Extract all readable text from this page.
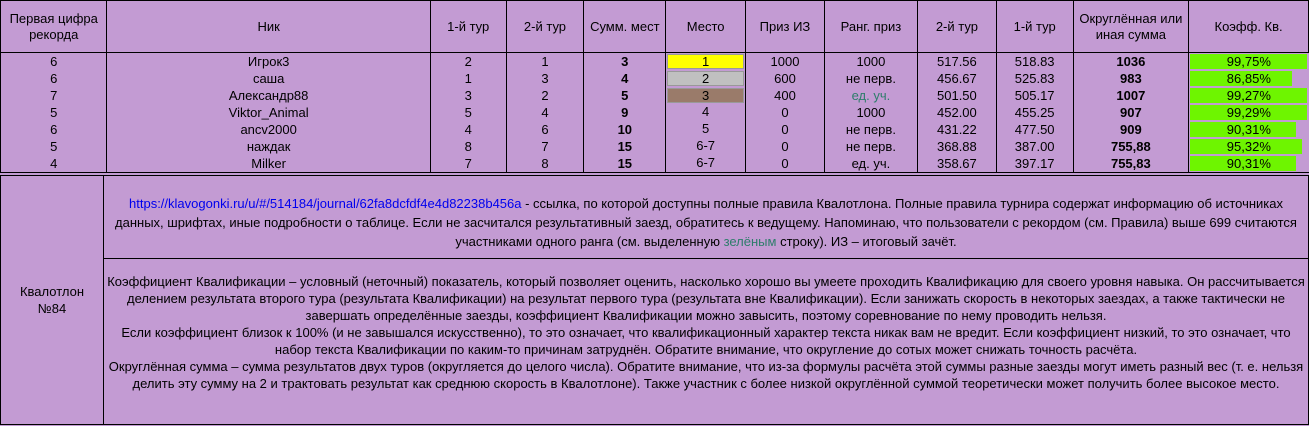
Первая цифра рекорда	Ник	1-й тур	2-й тур	Сумм. мест	Место	Приз ИЗ	Ранг. приз	2-й тур	1-й тур	Округлённая или иная сумма	Коэфф. Кв.
6	Игрок3	2	1	3	1	1000	1000	517.56	518.83	1036	99,75%
6	саша	1	3	4	2	600	не перв.	456.67	525.83	983	86,85%
7	Александр88	3	2	5	3	400	ед. уч.	501.50	505.17	1007	99,27%
5	Viktor_Animal	5	4	9	4	0	1000	452.00	455.25	907	99,29%
6	ancv2000	4	6	10	5	0	не перв.	431.22	477.50	909	90,31%
5	наждак	8	7	15	6-7	0	не перв.	368.88	387.00	755,88	95,32%
4	Milker	7	8	15	6-7	0	ед. уч.	358.67	397.17	755,83	90,31%
Квалотлон
№84
https://klavogonki.ru/u/#/514184/journal/62fa8dcfdf4e4d82238b456a - ссылка, по которой доступны полные правила Квалотлона. Полные правила турнира содержат информацию об источниках данных, шрифтах, иные подробности о таблице. Если не засчитался результативный заезд, обратитесь к ведущему. Напоминаю, что пользователи с рекордом (см. Правила) выше 699 считаются участниками одного ранга (см. выделенную зелёным строку). ИЗ – итоговый зачёт.

Коэффициент Квалификации – условный (неточный) показатель, который позволяет оценить, насколько хорошо вы умеете проходить Квалификацию для своего уровня навыка. Он рассчитывается делением результата второго тура (результата Квалификации) на результат первого тура (результата вне Квалификации). Если занижать скорость в некоторых заездах, а также тактически не завершать определённые заезды, коэффициент Квалификации можно завысить, поэтому соревнование по нему проводить нельзя.

Если коэффициент близок к 100% (и не завышался искусственно), то это означает, что квалификационный характер текста никак вам не вредит. Если коэффициент низкий, то это означает, что набор текста Квалификации по каким-то причинам затруднён. Обратите внимание, что округление до сотых может снижать точность расчёта.

Округлённая сумма – сумма результатов двух туров (округляется до целого числа). Обратите внимание, что из-за формулы расчёта этой суммы разные заезды могут иметь разный вес (т. е. нельзя делить эту сумму на 2 и трактовать результат как среднюю скорость в Квалотлоне). Также участник с более низкой округлённой суммой теоретически может получить более высокое место.
